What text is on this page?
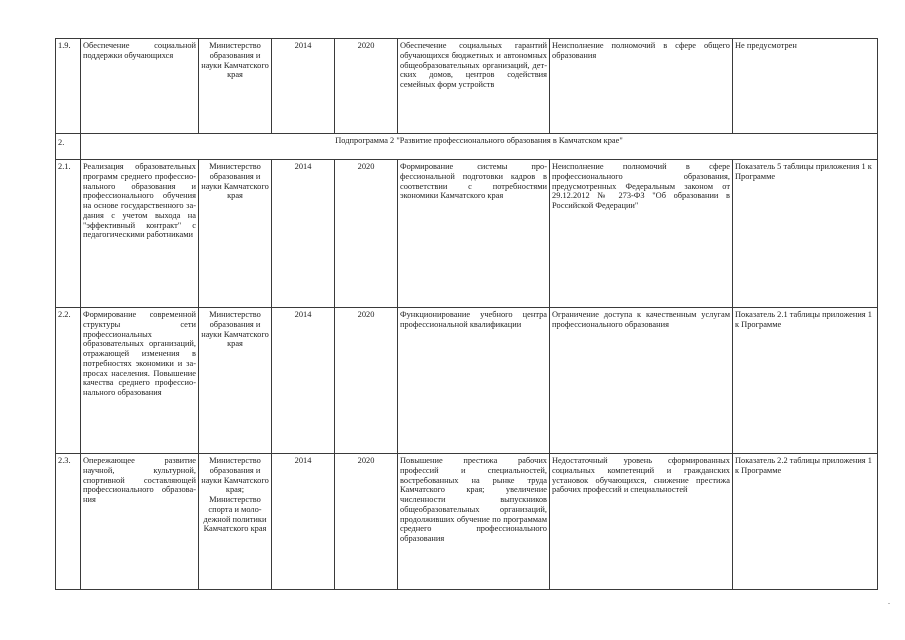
1.9.	Обеспечение социальной поддержки обучающихся	Министерство образования и науки Камчатского края	2014	2020	Обеспечение социальных гарантий обучающихся бюджетных и автономных общеобразовательных организаций, детских домов, центров содействия семейных форм устройств	Неисполнение полномочий в сфере общего образования	Не предусмотрен
2.	Подпрограмма 2 "Развитие профессионального образования в Камчатском крае"						
2.1.	Реализация образовательных программ среднего профессионального образования и профессионального обучения на основе государственного задания с учетом выхода на "эффективный контракт" с педагогическими работниками	Министерство образования и науки Камчатского края	2014	2020	Формирование системы профессиональной подготовки кадров в соответствии с потребностями экономики Камчатского края	Неисполнение полномочий в сфере профессионального образования, предусмотренных Федеральным законом от 29.12.2012 № 273-ФЗ "Об образовании в Российской Федерации"	Показатель 5 таблицы приложения 1 к Программе
2.2.	Формирование современной структуры сети профессиональных образовательных организаций, отражающей изменения в потребностях экономики и запросах населения. Повышение качества среднего профессионального образования	Министерство образования и науки Камчатского края	2014	2020	Функционирование учебного центра профессиональной квалификации	Ограничение доступа к качественным услугам профессионального образования	Показатель 2.1 таблицы приложения 1 к Программе
2.3.	Опережающее развитие научной, культурной, спортивной составляющей профессионального образования	Министерство образования и науки Камчатского края; Министерство спорта и молодежной политики Камчатского края	2014	2020	Повышение престижа рабочих профессий и специальностей, востребованных на рынке труда Камчатского края; увеличение численности выпускников общеобразовательных организаций, продолживших обучение по программам среднего профессионального образования	Недостаточный уровень сформированных социальных компетенций и гражданских установок обучающихся, снижение престижа рабочих профессий и специальностей	Показатель 2.2 таблицы приложения 1 к Программе
